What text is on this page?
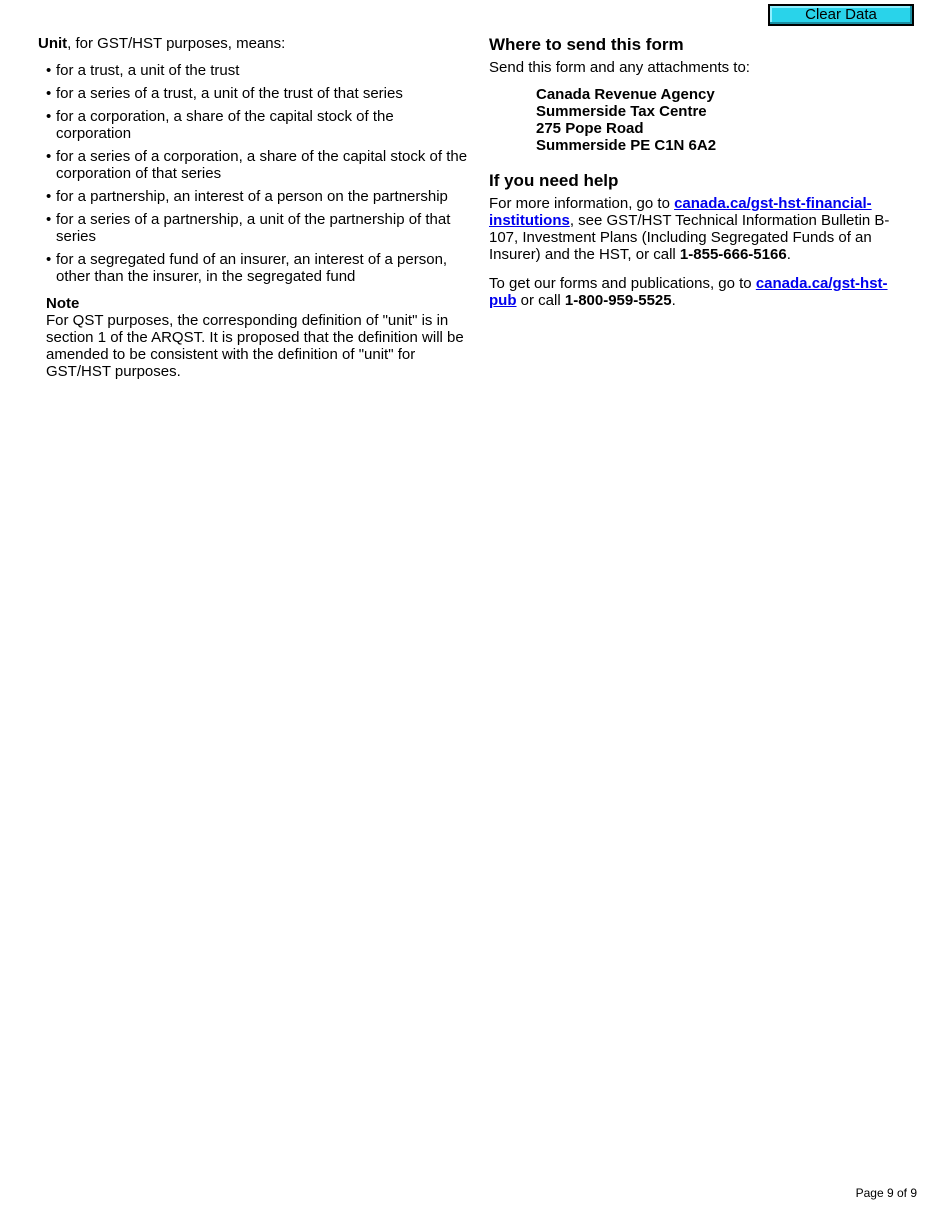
Clear Data

Unit, for GST/HST purposes, means:

• for a trust, a unit of the trust
• for a series of a trust, a unit of the trust of that series
• for a corporation, a share of the capital stock of the corporation
• for a series of a corporation, a share of the capital stock of the corporation of that series
• for a partnership, an interest of a person on the partnership
• for a series of a partnership, a unit of the partnership of that series
• for a segregated fund of an insurer, an interest of a person, other than the insurer, in the segregated fund
Note
For QST purposes, the corresponding definition of "unit" is in section 1 of the ARQST. It is proposed that the definition will be amended to be consistent with the definition of "unit" for GST/HST purposes.
Where to send this form

Send this form and any attachments to:

Canada Revenue Agency
Summerside Tax Centre
275 Pope Road
Summerside PE C1N 6A2
If you need help

For more information, go to canada.ca/gst-hst-financial-institutions, see GST/HST Technical Information Bulletin B-107, Investment Plans (Including Segregated Funds of an Insurer) and the HST, or call 1-855-666-5166.

To get our forms and publications, go to canada.ca/gst-hst-pub or call 1-800-959-5525.

Page 9 of 9
